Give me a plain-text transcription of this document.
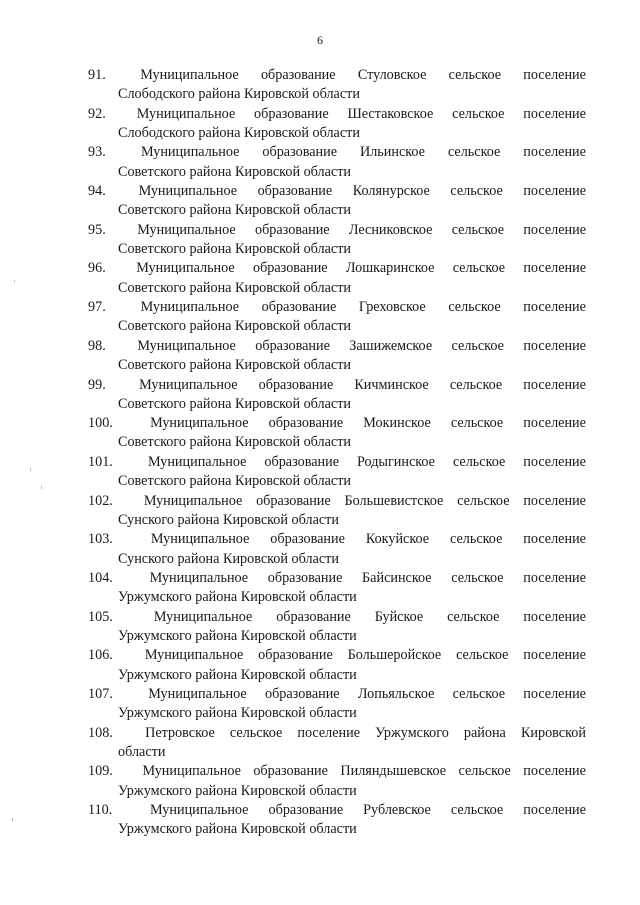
6
91.	Муниципальное образование Стуловское сельское поселение
Слободского района Кировской области
92.	Муниципальное образование Шестаковское сельское поселение
Слободского района Кировской области
93.	Муниципальное образование Ильинское сельское поселение
Советского района Кировской области
94.	Муниципальное образование Колянурское сельское поселение
Советского района Кировской области
95.	Муниципальное образование Лесниковское сельское поселение
Советского района Кировской области
96.	Муниципальное образование Лошкаринское сельское поселение
Советского района Кировской области
97.	Муниципальное образование Греховское сельское поселение
Советского района Кировской области
98.	Муниципальное образование Зашижемское сельское поселение
Советского района Кировской области
99.	Муниципальное образование Кичминское сельское поселение
Советского района Кировской области
100.	Муниципальное образование Мокинское сельское поселение
Советского района Кировской области
101.	Муниципальное образование Родыгинское сельское поселение
Советского района Кировской области
102.	Муниципальное образование Большевистское сельское поселение
Сунского района Кировской области
103.	Муниципальное образование Кокуйское сельское поселение
Сунского района Кировской области
104.	Муниципальное образование Байсинское сельское поселение
Уржумского района Кировской области
105.	Муниципальное образование Буйское сельское поселение
Уржумского района Кировской области
106.	Муниципальное образование Большеройское сельское поселение
Уржумского района Кировской области
107.	Муниципальное образование Лопьяльское сельское поселение
Уржумского района Кировской области
108.	Петровское сельское поселение Уржумского района Кировской
области
109.	Муниципальное образование Пиляндышевское сельское поселение
Уржумского района Кировской области
110.	Муниципальное образование Рублевское сельское поселение
Уржумского района Кировской области
